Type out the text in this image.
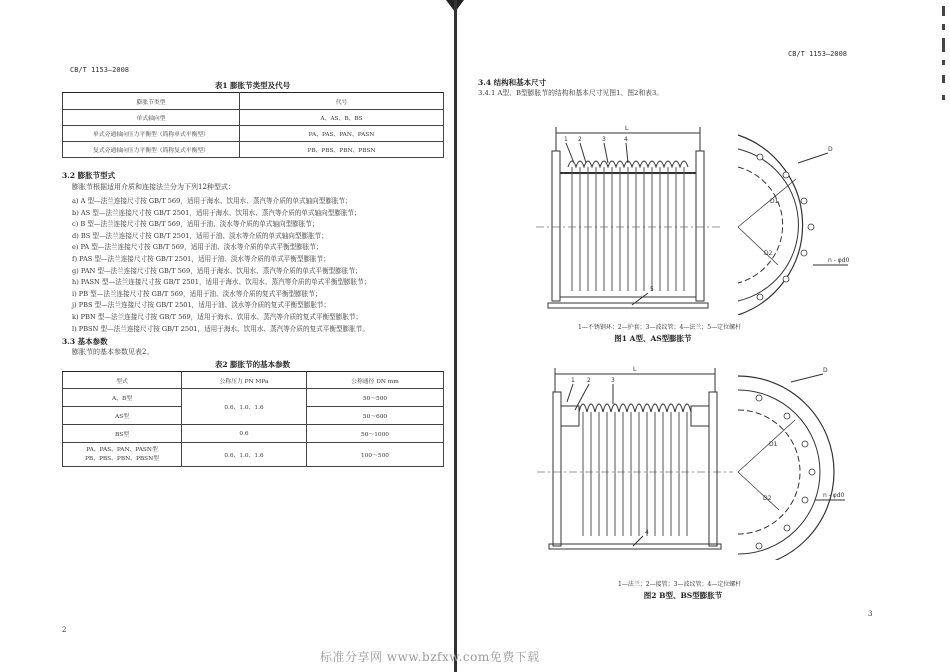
CB/T 1153—2008
表1 膨胀节类型及代号
膨胀节类型	代号
单式轴向型	A、AS、B、BS
单式旁通轴向压力平衡型（简称单式平衡型）	PA、PAS、PAN、PASN
复式旁通轴向压力平衡型（简称复式平衡型）	PB、PBS、PBN、PBSN
3.2 膨胀节型式
膨胀节根据适用介质和连接法兰分为下列12种型式：
a) A 型—法兰连接尺寸按 GB/T 569，适用于海水、饮用水、蒸汽等介质的单式轴向型膨胀节；
b) AS 型—法兰连接尺寸按 GB/T 2501，适用于海水、饮用水、蒸汽等介质的单式轴向型膨胀节；
c) B 型—法兰连接尺寸按 GB/T 569，适用于油、淡水等介质的单式轴向型膨胀节；
d) BS 型—法兰连接尺寸按 GB/T 2501，适用于油、淡水等介质的单式轴向型膨胀节；
e) PA 型—法兰连接尺寸按 GB/T 569，适用于油、淡水等介质的单式平衡型膨胀节；
f) PAS 型—法兰连接尺寸按 GB/T 2501，适用于油、淡水等介质的单式平衡型膨胀节；
g) PAN 型—法兰连接尺寸按 GB/T 569，适用于海水、饮用水、蒸汽等介质的单式平衡型膨胀节；
h) PASN 型—法兰连接尺寸按 GB/T 2501，适用于海水、饮用水、蒸汽等介质的单式平衡型膨胀节；
i) PB 型—法兰连接尺寸按 GB/T 569，适用于油、淡水等介质的复式平衡型膨胀节；
j) PBS 型—法兰连接尺寸按 GB/T 2501，适用于油、淡水等介质的复式平衡型膨胀节；
k) PBN 型—法兰连接尺寸按 GB/T 569，适用于海水、饮用水、蒸汽等介质的复式平衡型膨胀节；
l) PBSN 型—法兰连接尺寸按 GB/T 2501，适用于海水、饮用水、蒸汽等介质的复式平衡型膨胀节。
3.3 基本参数
膨胀节的基本参数见表2。
表2 膨胀节的基本参数
型式	公称压力 PN MPa	公称通径 DN mm
A、B型	0.6、1.0、1.6	50～500
AS型		50～600
BS型	0.6	50～1000
PA、PAS、PAN、PASN型
PB、PBS、PBN、PBSN型	0.6、1.0、1.6	100～500
2
CB/T 1153—2008
3.4 结构和基本尺寸
3.4.1 A型、B型膨胀节的结构和基本尺寸见图1、图2和表3。
L
1 2	3	4
5
D1
D2
D
n - φd0
1—不锈钢环；2—护套；3—波纹管；4—法兰；5—定位螺杆
图1 A型、AS型膨胀节
L
1 2	3
4
D1
D2
D
n - φd0
1—法兰；2—接管；3—波纹管；4—定位螺杆
图2 B型、BS型膨胀节
3
标准分享网 www.bzfxw.com免费下载
